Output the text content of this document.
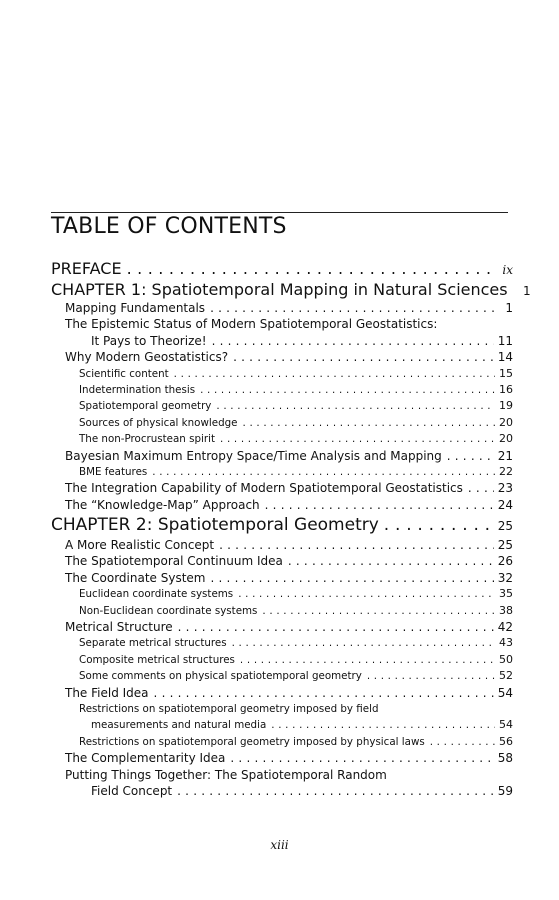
TABLE OF CONTENTS
PREFACE . . .	ix
CHAPTER 1: Spatiotemporal Mapping in Natural Sciences	1
Mapping Fundamentals . . .	1
The Epistemic Status of Modern Spatiotemporal Geostatistics:
It Pays to Theorize! . . .	11
Why Modern Geostatistics? . . .	14
Scientific content . . .	15
Indetermination thesis . . .	16
Spatiotemporal geometry . . .	19
Sources of physical knowledge . . .	20
The non-Procrustean spirit . . .	20
Bayesian Maximum Entropy Space/Time Analysis and Mapping . . .	21
BME features . . .	22
The Integration Capability of Modern Spatiotemporal Geostatistics . . .	23
The “Knowledge-Map” Approach . . .	24
CHAPTER 2: Spatiotemporal Geometry . . .	25
A More Realistic Concept . . .	25
The Spatiotemporal Continuum Idea . . .	26
The Coordinate System . . .	32
Euclidean coordinate systems . . .	35
Non-Euclidean coordinate systems . . .	38
Metrical Structure . . .	42
Separate metrical structures . . .	43
Composite metrical structures . . .	50
Some comments on physical spatiotemporal geometry . . .	52
The Field Idea . . .	54
Restrictions on spatiotemporal geometry imposed by field
measurements and natural media . . .	54
Restrictions on spatiotemporal geometry imposed by physical laws . . .	56
The Complementarity Idea . . .	58
Putting Things Together: The Spatiotemporal Random
Field Concept . . .	59
xiii
